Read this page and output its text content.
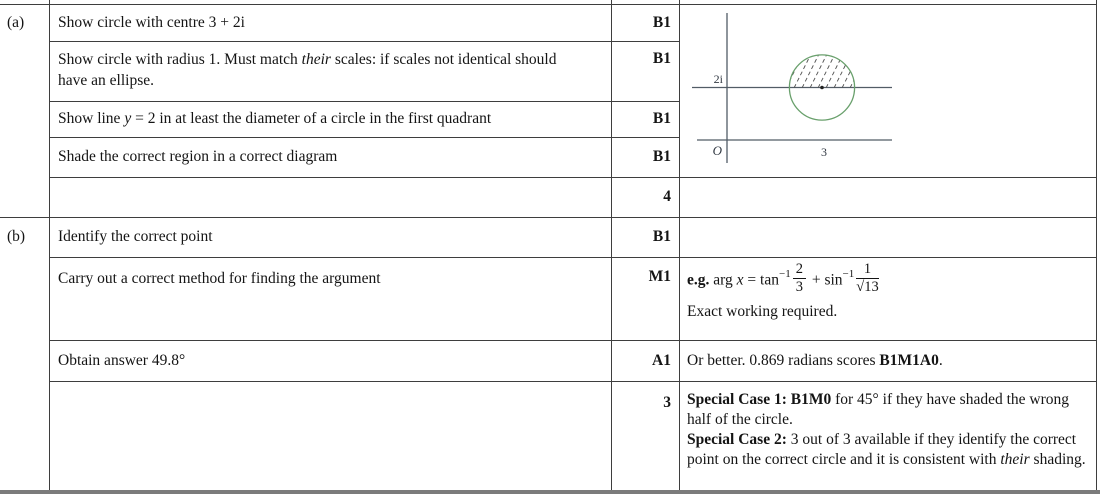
(a)
(b)
Show circle with centre 3 + 2i
Show circle with radius 1. Must match their scales: if scales not identical should have an ellipse.
Show line y = 2 in at least the diameter of a circle in the first quadrant
Shade the correct region in a correct diagram
Identify the correct point
Carry out a correct method for finding the argument
Obtain answer 49.8°
B1
B1
B1
B1
4
B1
M1
A1
3
2i
O	3
e.g. arg $x = \tan^{-1} \frac{2}{3} + \sin^{-1} \frac{1}{√13}$
Exact working required.
Or better. 0.869 radians scores B1M1A0.

Special Case 1: B1M0 for 45° if they have shaded the wrong half of the circle.

Special Case 2: 3 out of 3 available if they identify the correct point on the correct circle and it is consistent with their shading.
